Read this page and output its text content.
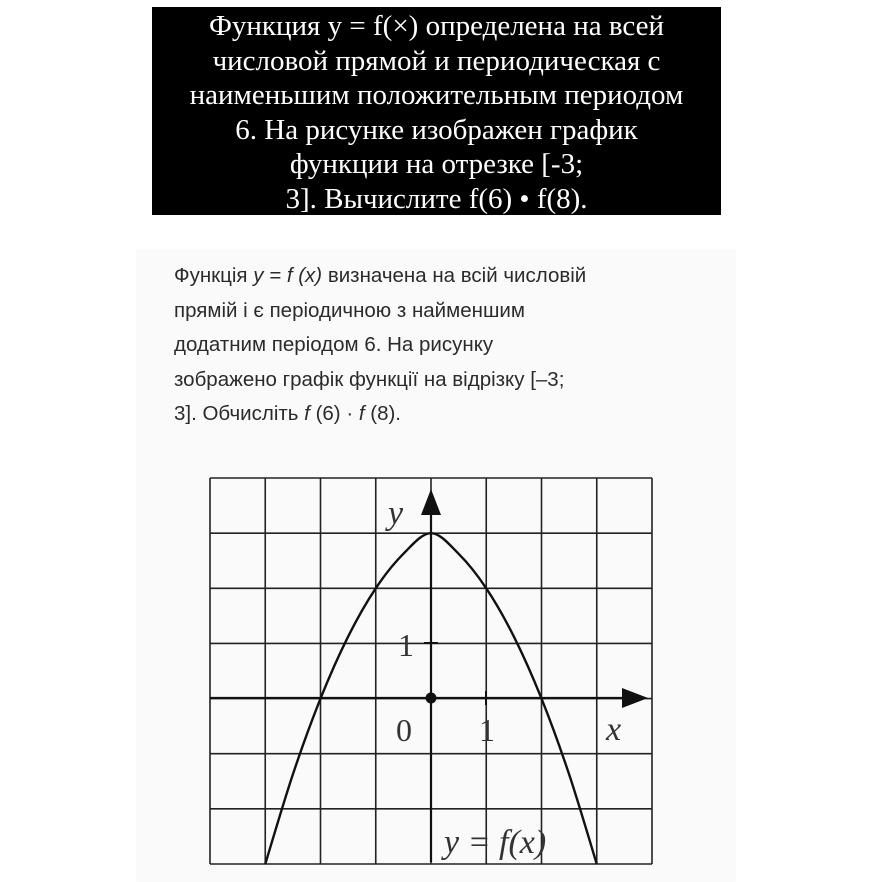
Функция y = f(×) определена на всей
числовой прямой и периодическая с
наименьшим положительным периодом
6. На рисунке изображен график
функции на отрезке [-3;
3]. Вычислите f(6) • f(8).
Функція y = f (x) визначена на всій числовій
прямій і є періодичною з найменшим
додатним періодом 6. На рисунку
зображено графік функції на відрізку [–3;
3]. Обчисліть f (6) · f (8).
y
x
0 1
1
y = f(x)
